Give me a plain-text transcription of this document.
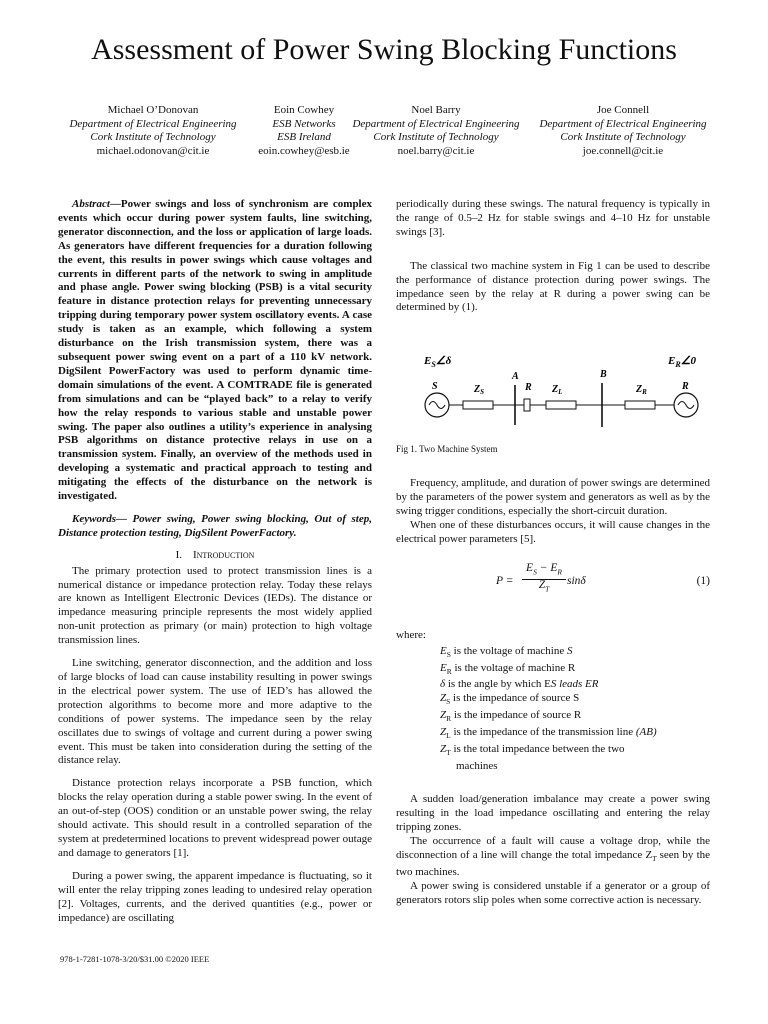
Assessment of Power Swing Blocking Functions
Michael O’Donovan
Department of Electrical Engineering
Cork Institute of Technology
michael.odonovan@cit.ie
Eoin Cowhey
ESB Networks
ESB Ireland
eoin.cowhey@esb.ie
Noel Barry
Department of Electrical Engineering
Cork Institute of Technology
noel.barry@cit.ie
Joe Connell
Department of Electrical Engineering
Cork Institute of Technology
joe.connell@cit.ie

Abstract—Power swings and loss of synchronism are complex events which occur during power system faults, line switching, generator disconnection, and the loss or application of large loads. As generators have different frequencies for a duration following the event, this results in power swings which cause voltages and currents in different parts of the network to swing in amplitude and phase angle. Power swing blocking (PSB) is a vital security feature in distance protection relays for preventing unnecessary tripping during temporary power system oscillatory events. A case study is taken as an example, which following a system disturbance on the Irish transmission system, there was a subsequent power swing event on a part of a 110 kV network. DigSilent PowerFactory was used to perform dynamic time-domain simulations of the event. A COMTRADE file is generated from simulations and can be “played back” to a relay to verify how the relay responds to various stable and unstable power swing. The paper also outlines a utility’s experience in analysing PSB algorithms on distance protective relays in use on a transmission system. Finally, an overview of the methods used in developing a systematic and practical approach to testing and mitigating the effects of the disturbance on the network is investigated.

Keywords— Power swing, Power swing blocking, Out of step, Distance protection testing, DigSilent PowerFactory.

I. Introduction

The primary protection used to protect transmission lines is a numerical distance or impedance protection relay. Today these relays are known as Intelligent Electronic Devices (IEDs). The distance or impedance measuring principle represents the most widely applied non-unit protection as primary (or main) protection to high voltage transmission lines.

Line switching, generator disconnection, and the addition and loss of large blocks of load can cause instability resulting in power swings in the electrical power system. The use of IED’s has allowed the protection algorithms to become more and more adaptive to the conditions of power systems. The impedance seen by the relay oscillates due to swings of voltage and current during a power swing event. This must be taken into consideration during the setting of the distance relay.

Distance protection relays incorporate a PSB function, which blocks the relay operation during a stable power swing. In the event of an out-of-step (OOS) condition or an unstable power swing, the relay should activate. This should result in a controlled separation of the system at predetermined locations to prevent widespread power outage and damage to generators [1].

During a power swing, the apparent impedance is fluctuating, so it will enter the relay tripping zones leading to undesired relay operation [2]. Voltages, currents, and the derived quantities (e.g., power or impedance) are oscillating

periodically during these swings. The natural frequency is typically in the range of 0.5–2 Hz for stable swings and 4–10 Hz for unstable swings [3].

The classical two machine system in Fig 1 can be used to describe the performance of distance protection during power swings. The impedance seen by the relay at R during a power swing can be determined by (1).

$E_S\angle\delta$	$E_R\angle 0$
S	R
A	B
$Z_S$	R $Z_L$	$Z_R$

Fig 1. Two Machine System

Frequency, amplitude, and duration of power swings are determined by the parameters of the power system and generators as well as by the swing trigger conditions, especially the short-circuit duration.

When one of these disturbances occurs, it will cause changes in the electrical power parameters [5].

P =
$E_S - E_R$
$Z_T$
sinδ	(1)

where:

$E_S$ is the voltage of machine S
$E_R$ is the voltage of machine R
δ is the angle by which ES leads ER
$Z_S$ is the impedance of source S
$Z_R$ is the impedance of source R
$Z_L$ is the impedance of the transmission line (AB)
$Z_T$ is the total impedance between the two
machines

A sudden load/generation imbalance may create a power swing resulting in the load impedance oscillating and entering the relay tripping zones.

The occurrence of a fault will cause a voltage drop, while the disconnection of a line will change the total impedance $Z_T$ seen by the two machines.

A power swing is considered unstable if a generator or a group of generators rotors slip poles when some corrective action is necessary.

978-1-7281-1078-3/20/$31.00 ©2020 IEEE
